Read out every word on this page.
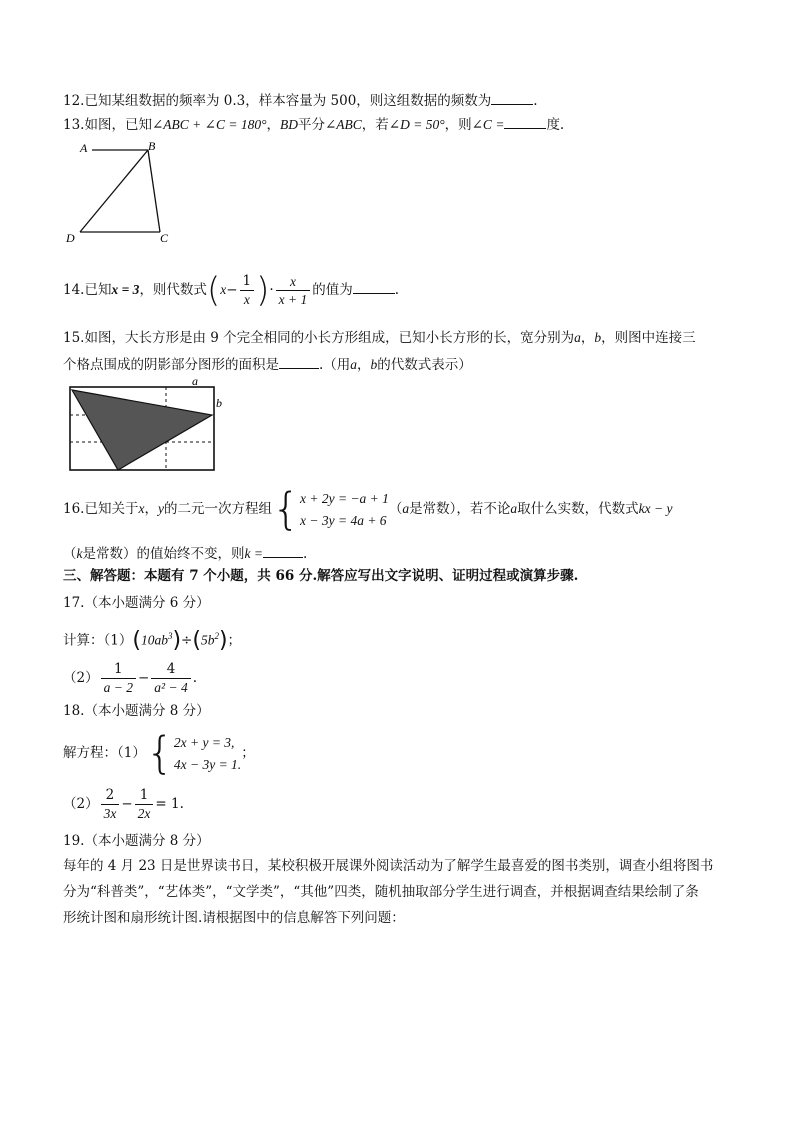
12.已知某组数据的频率为 0.3，样本容量为 500，则这组数据的频数为	.
13.如图，已知∠ABC + ∠C = 180°，BD平分∠ABC，若∠D = 50°，则∠C =	度.
A	B
C
D
14.已知x = 3，则代数式($x- \frac{1}{x}$ )· $\frac{x}{x + 1}$ 的值为	.
15.如图，大长方形是由 9 个完全相同的小长方形组成，已知小长方形的长，宽分别为a，b，则图中连接三
个格点围成的阴影部分图形的面积是	.（用a，b的代数式表示）
a
b
16.已知关于x，y的二元一次方程组{ x + 2y = −a + 1
x − 3y = 4a + 6
（a是常数），若不论a取什么实数，代数式kx − y
（k是常数）的值始终不变，则k =	.
三、解答题：本题有 7 个小题，共 66 分.解答应写出文字说明、证明过程或演算步骤.
17.（本小题满分 6 分）
计算：$(1)(10ab^3)\div(5b^2)$；
$(2) \frac{1}{a - 2} - \frac{4}{\text{a² − 4}}$ .
18.（本小题满分 8 分）
解方程：（1）{ 2x + y = 3,
4x − 3y = 1.
；
$(2) \frac{2}{3x} - \frac{1}{2x} = 1$.
19.（本小题满分 8 分）
每年的 4 月 23 日是世界读书日，某校积极开展课外阅读活动为了解学生最喜爱的图书类别，调查小组将图书
分为“科普类”，“艺体类”，“文学类”，“其他”四类，随机抽取部分学生进行调查，并根据调查结果绘制了条
形统计图和扇形统计图.请根据图中的信息解答下列问题：
